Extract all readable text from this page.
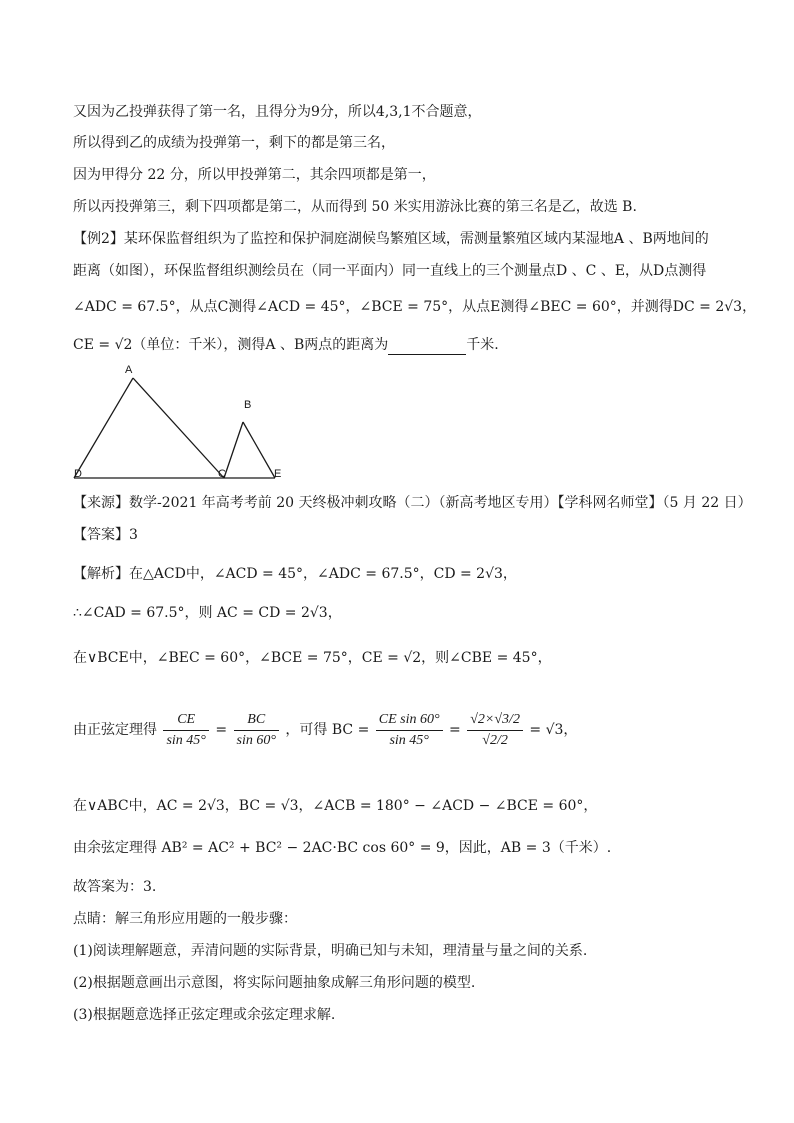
又因为乙投弹获得了第一名，且得分为9分，所以4,3,1不合题意，
所以得到乙的成绩为投弹第一，剩下的都是第三名，
因为甲得分 22 分，所以甲投弹第二，其余四项都是第一，
所以丙投弹第三，剩下四项都是第二，从而得到 50 米实用游泳比赛的第三名是乙，故选 B.
【例2】某环保监督组织为了监控和保护洞庭湖候鸟繁殖区域，需测量繁殖区域内某湿地A 、B两地间的
距离（如图），环保监督组织测绘员在（同一平面内）同一直线上的三个测量点D 、C 、E，从D点测得
∠ADC = 67.5°，从点C测得∠ACD = 45°，∠BCE = 75°，从点E测得∠BEC = 60°，并测得DC = 2√3，
CE = √2（单位：千米），测得A 、B两点的距离为	千米.
A
B
C
D	E
【来源】数学-2021 年高考考前 20 天终极冲刺攻略（二）（新高考地区专用）【学科网名师堂】（5 月 22 日）
【答案】3
【解析】在△ACD中，∠ACD = 45°，∠ADC = 67.5°，CD = 2√3，
∴∠CAD = 67.5°，则 AC = CD = 2√3，
在∨BCE中，∠BEC = 60°，∠BCE = 75°，CE = √2，则∠CBE = 45°，
由正弦定理得 $\frac{CE}{\sin 45^\circ} = \frac{BC}{\sin 60^\circ}$ ，可得 BC = $\frac{\text{CE sin 60°}}{\sin 45^\circ} = \frac{√2\times√3/2}{√2/2} = √3$，
在∨ABC中，AC = 2√3，BC = √3，∠ACB = 180° − ∠ACD − ∠BCE = 60°，
由余弦定理得 AB² = AC² + BC² − 2AC·BC cos 60° = 9，因此，AB = 3（千米）.
故答案为：3.
点睛：解三角形应用题的一般步骤：
(1)阅读理解题意，弄清问题的实际背景，明确已知与未知，理清量与量之间的关系.
(2)根据题意画出示意图，将实际问题抽象成解三角形问题的模型.
(3)根据题意选择正弦定理或余弦定理求解.
